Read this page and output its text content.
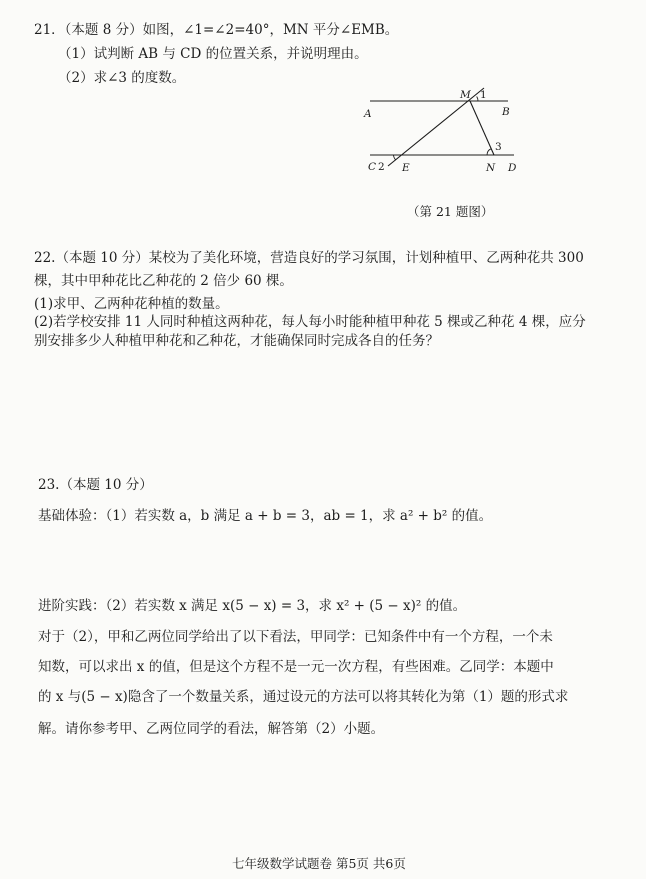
21．（本题 8 分）如图，∠1=∠2=40°，MN 平分∠EMB。
（1）试判断 AB 与 CD 的位置关系，并说明理由。
（2）求∠3 的度数。
A	B
C 2 E
M 1
3
N D
（第 21 题图）
22.（本题 10 分）某校为了美化环境，营造良好的学习氛围，计划种植甲、乙两种花共 300
棵，其中甲种花比乙种花的 2 倍少 60 棵。
(1)求甲、乙两种花种植的数量。
(2)若学校安排 11 人同时种植这两种花，每人每小时能种植甲种花 5 棵或乙种花 4 棵，应分
别安排多少人种植甲种花和乙种花，才能确保同时完成各自的任务？
23.（本题 10 分）
基础体验：（1）若实数 a，b 满足 a + b = 3，ab = 1，求 a² + b² 的值。
进阶实践：（2）若实数 x 满足 x(5 − x) = 3，求 x² + (5 − x)² 的值。
对于（2），甲和乙两位同学给出了以下看法，甲同学：已知条件中有一个方程，一个未
知数，可以求出 x 的值，但是这个方程不是一元一次方程，有些困难。乙同学：本题中
的 x 与(5 − x)隐含了一个数量关系，通过设元的方法可以将其转化为第（1）题的形式求
解。请你参考甲、乙两位同学的看法，解答第（2）小题。
七年级数学试题卷 第5页 共6页
